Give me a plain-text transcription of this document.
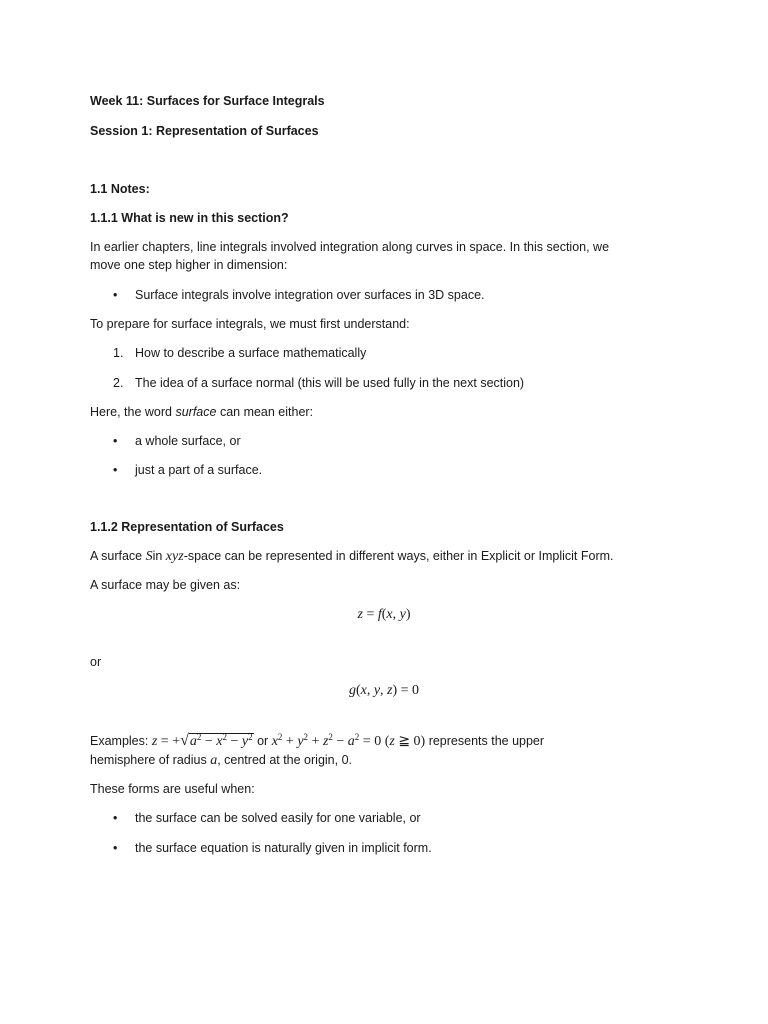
Week 11: Surfaces for Surface Integrals
Session 1: Representation of Surfaces
1.1 Notes:
1.1.1 What is new in this section?
In earlier chapters, line integrals involved integration along curves in space. In this section, we
move one step higher in dimension:
• Surface integrals involve integration over surfaces in 3D space.
To prepare for surface integrals, we must first understand:
1. How to describe a surface mathematically
2. The idea of a surface normal (this will be used fully in the next section)
Here, the word surface can mean either:
• a whole surface, or
• just a part of a surface.
1.1.2 Representation of Surfaces
A surface Sin xyz-space can be represented in different ways, either in Explicit or Implicit Form.
A surface may be given as:
z = f(x, y)
or
g(x, y, z) = 0
Examples: $z = +√a^2 - x^2 - y^2$ or $x^2 + y^2 + z^2 - a^2 = 0$ (z ≧ 0) represents the upper
hemisphere of radius a, centred at the origin, 0.
These forms are useful when:
• the surface can be solved easily for one variable, or
• the surface equation is naturally given in implicit form.
